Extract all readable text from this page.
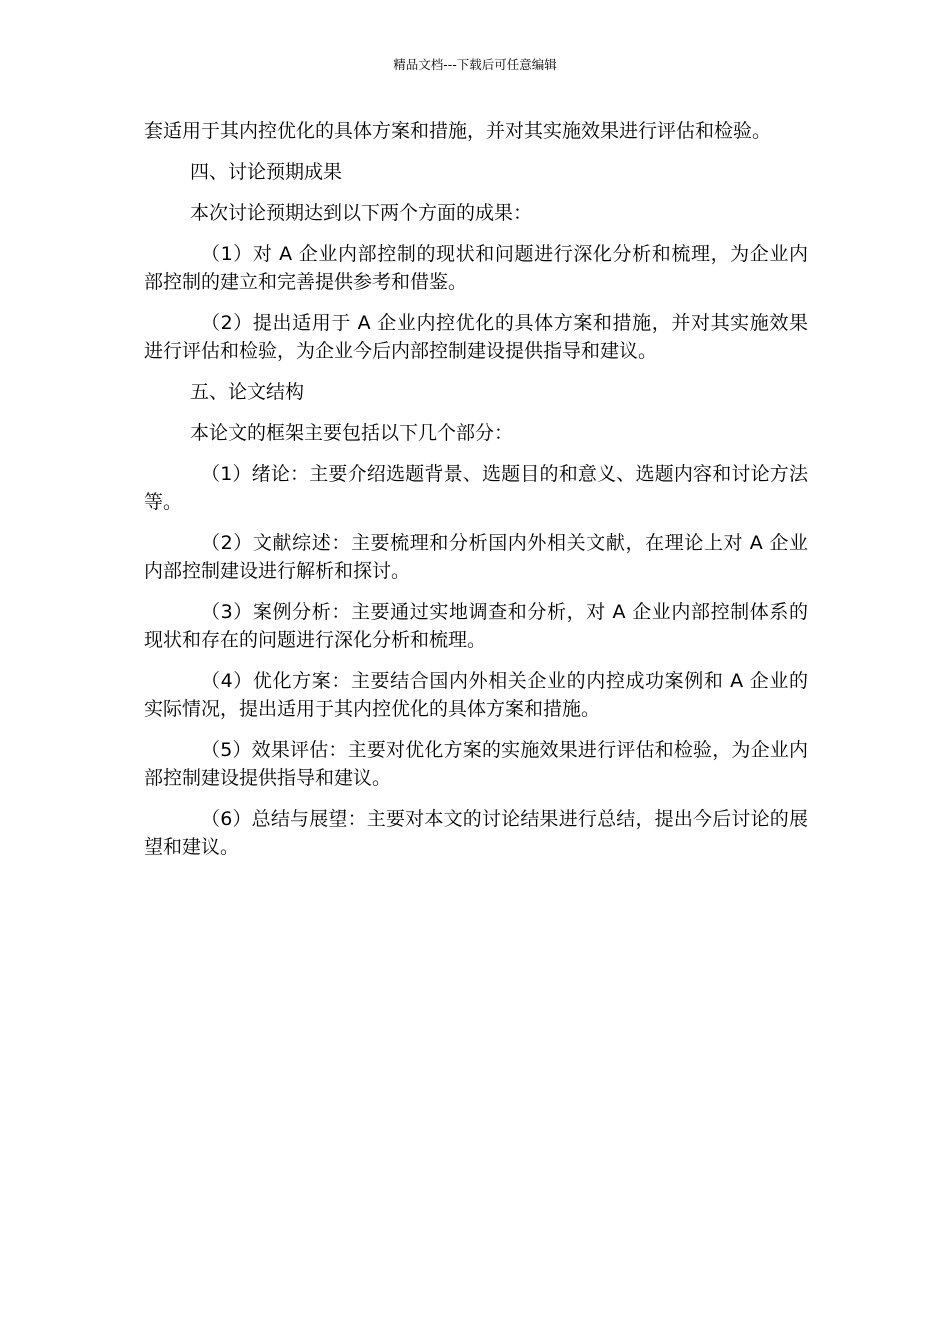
精品文档---下载后可任意编辑

套适用于其内控优化的具体方案和措施，并对其实施效果进行评估和检验。

四、讨论预期成果

本次讨论预期达到以下两个方面的成果：

（1）对 A 企业内部控制的现状和问题进行深化分析和梳理，为企业内部控制的建立和完善提供参考和借鉴。

（2）提出适用于 A 企业内控优化的具体方案和措施，并对其实施效果进行评估和检验，为企业今后内部控制建设提供指导和建议。

五、论文结构

本论文的框架主要包括以下几个部分：

（1）绪论：主要介绍选题背景、选题目的和意义、选题内容和讨论方法等。

（2）文献综述：主要梳理和分析国内外相关文献，在理论上对 A 企业内部控制建设进行解析和探讨。

（3）案例分析：主要通过实地调查和分析，对 A 企业内部控制体系的现状和存在的问题进行深化分析和梳理。

（4）优化方案：主要结合国内外相关企业的内控成功案例和 A 企业的实际情况，提出适用于其内控优化的具体方案和措施。

（5）效果评估：主要对优化方案的实施效果进行评估和检验，为企业内部控制建设提供指导和建议。

（6）总结与展望：主要对本文的讨论结果进行总结，提出今后讨论的展望和建议。
